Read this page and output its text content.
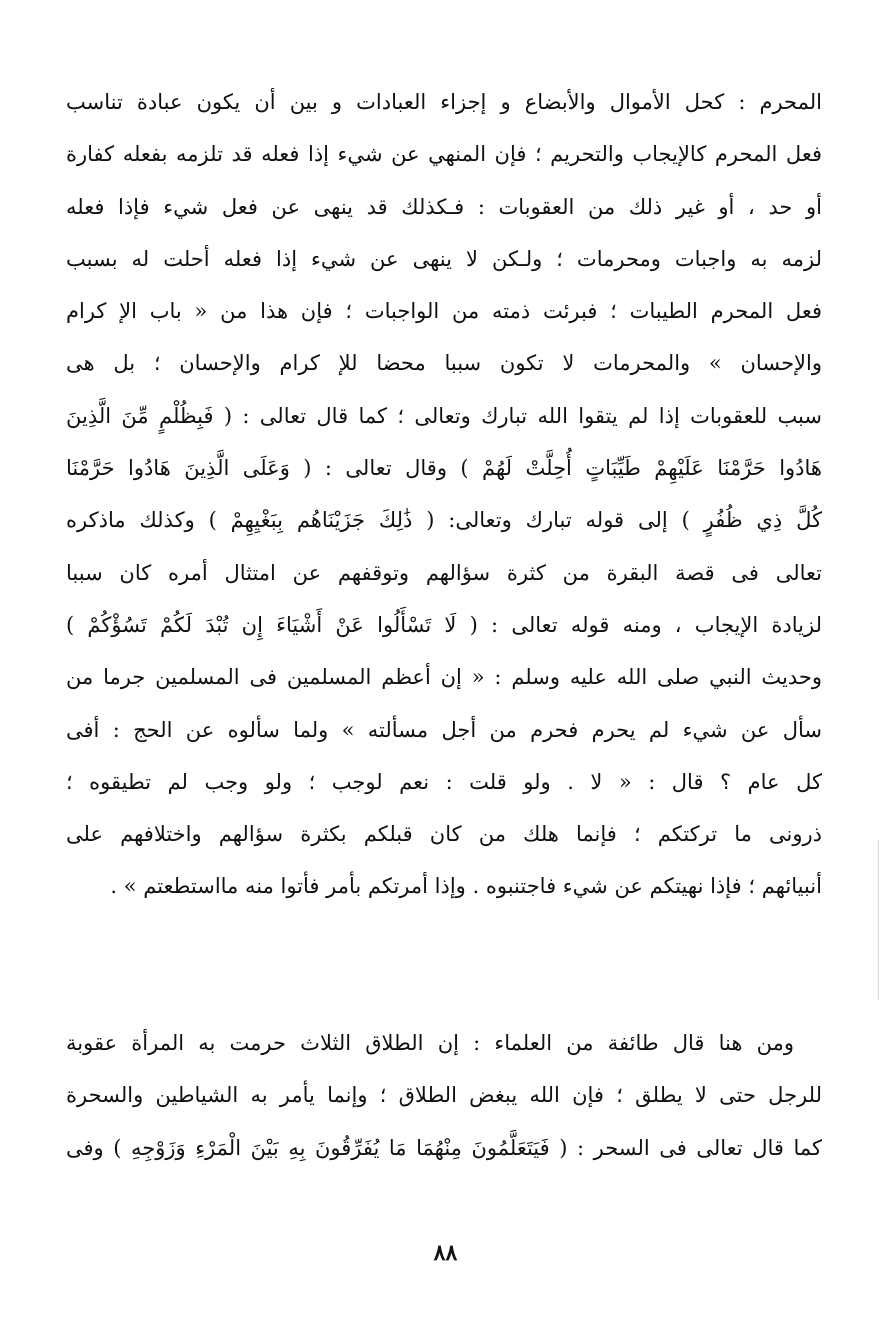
المحرم : كحل الأموال والأبضاع و إجزاء العبادات و بين أن يكون عبادة تناسب
فعل المحرم كالإيجاب والتحريم ؛ فإن المنهي عن شيء إذا فعله قد تلزمه بفعله كفارة
أو حد ، أو غير ذلك من العقوبات : فـكذلك قد ينهى عن فعل شيء فإذا فعله
لزمه به واجبات ومحرمات ؛ ولـكن لا ينهى عن شيء إذا فعله أحلت له بسبب
فعل المحرم الطيبات ؛ فبرئت ذمته من الواجبات ؛ فإن هذا من « باب الإ كرام
والإحسان » والمحرمات لا تكون سببا محضا للإ كرام والإحسان ؛ بل هى
سبب للعقوبات إذا لم يتقوا الله تبارك وتعالى ؛ كما قال تعالى : ( فَبِظُلْمٍ مِّنَ الَّذِينَ
هَادُوا حَرَّمْنَا عَلَيْهِمْ طَيِّبَاتٍ أُحِلَّتْ لَهُمْ ) وقال تعالى : ( وَعَلَى الَّذِينَ هَادُوا حَرَّمْنَا
كُلَّ ذِي ظُفُرٍ ) إلى قوله تبارك وتعالى: ( ذَٰلِكَ جَزَيْنَاهُم بِبَغْيِهِمْ ) وكذلك ماذكره
تعالى فى قصة البقرة من كثرة سؤالهم وتوقفهم عن امتثال أمره كان سببا
لزيادة الإيجاب ، ومنه قوله تعالى : ( لَا تَسْأَلُوا عَنْ أَشْيَاءَ إِن تُبْدَ لَكُمْ تَسُؤْكُمْ )
وحديث النبي صلى الله عليه وسلم : « إن أعظم المسلمين فى المسلمين جرما من
سأل عن شيء لم يحرم فحرم من أجل مسألته » ولما سألوه عن الحج : أفى
كل عام ؟ قال : « لا . ولو قلت : نعم لوجب ؛ ولو وجب لم تطيقوه ؛
ذرونى ما تركتكم ؛ فإنما هلك من كان قبلكم بكثرة سؤالهم واختلافهم على
أنبيائهم ؛ فإذا نهيتكم عن شيء فاجتنبوه . وإذا أمرتكم بأمر فأتوا منه مااستطعتم » .
ومن هنا قال طائفة من العلماء : إن الطلاق الثلاث حرمت به المرأة عقوبة
للرجل حتى لا يطلق ؛ فإن الله يبغض الطلاق ؛ وإنما يأمر به الشياطين والسحرة
كما قال تعالى فى السحر : ( فَيَتَعَلَّمُونَ مِنْهُمَا مَا يُفَرِّقُونَ بِهِ بَيْنَ الْمَرْءِ وَزَوْجِهِ ) وفى
٨٨
